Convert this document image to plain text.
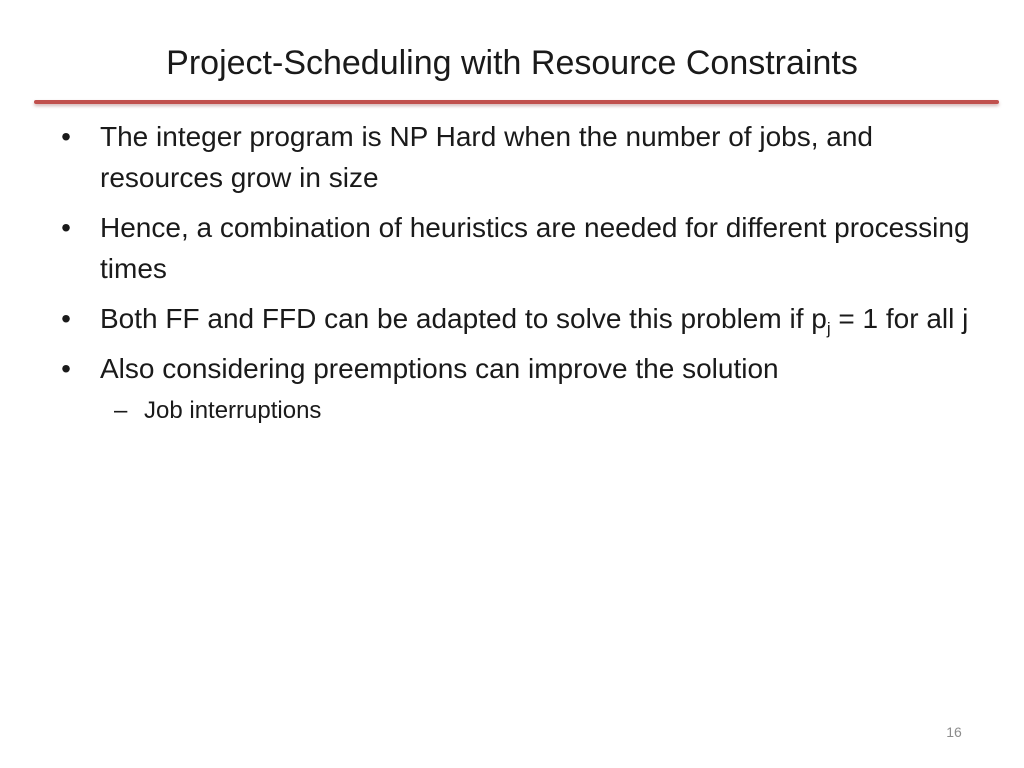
Project-Scheduling with Resource Constraints
• The integer program is NP Hard when the number of jobs, and resources grow in size
• Hence, a combination of heuristics are needed for different processing times
• Both FF and FFD can be adapted to solve this problem if $p_j = 1$ for all j
• Also considering preemptions can improve the solution
– Job interruptions
16
